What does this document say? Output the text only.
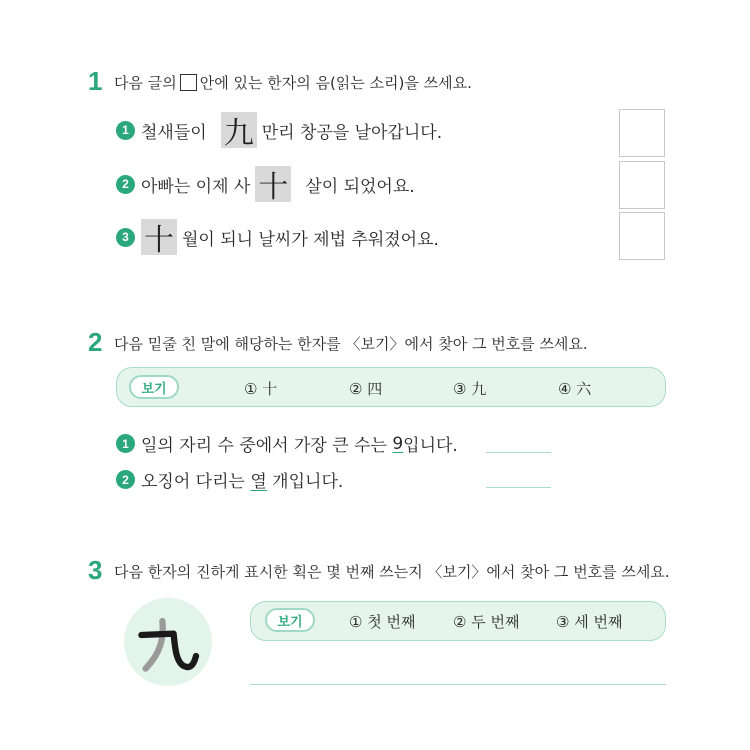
1 다음 글의 안에 있는 한자의 음(읽는 소리)을 쓰세요.
1 철새들이 九 만리 창공을 날아갑니다.
2 아빠는 이제 사 十 살이 되었어요.
3 十 월이 되니 날씨가 제법 추워졌어요.
2 다음 밑줄 친 말에 해당하는 한자를 〈보기〉에서 찾아 그 번호를 쓰세요.
보기	① 十	② 四	③ 九	④ 六
1 일의 자리 수 중에서 가장 큰 수는 9 입니다.
2 오징어 다리는 열 개입니다.
3 다음 한자의 진하게 표시한 획은 몇 번째 쓰는지 〈보기〉에서 찾아 그 번호를 쓰세요.
보기	① 첫 번째	② 두 번째 ③ 세 번째
